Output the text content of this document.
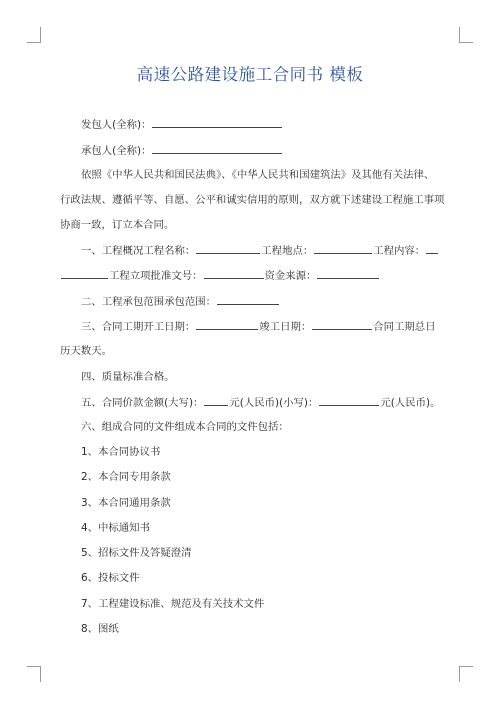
高速公路建设施工合同书 模板
发包人(全称)：
承包人(全称)：
依照《中华人民共和国民法典》、《中华人民共和国建筑法》及其他有关法律、
行政法规、遵循平等、自愿、公平和诚实信用的原则，双方就下述建设工程施工事项
协商一致，订立本合同。
一、工程概况工程名称：	工程地点：	工程内容：
工程立项批准文号：	资金来源：
二、工程承包范围承包范围：
三、合同工期开工日期：	竣工日期：	合同工期总日
历天数天。
四、质量标准合格。
五、合同价款金额(大写)：	元(人民币)(小写)：	元(人民币)。
六、组成合同的文件组成本合同的文件包括：
1、本合同协议书
2、本合同专用条款
3、本合同通用条款
4、中标通知书
5、招标文件及答疑澄清
6、投标文件
7、工程建设标准、规范及有关技术文件
8、图纸
